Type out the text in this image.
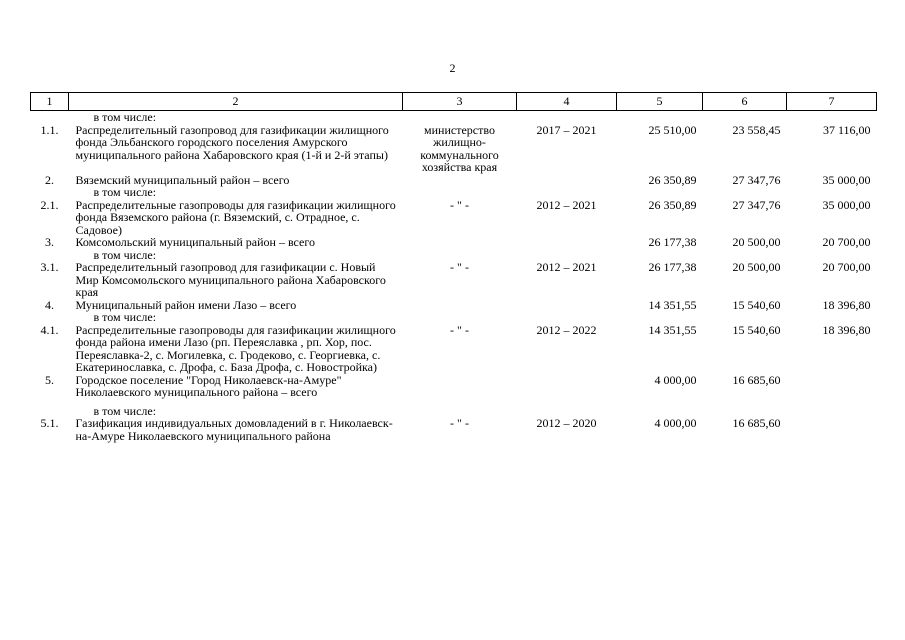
2
1	2	3	4	5	6	7
	в том числе:					
1.1.	Распределительный газопровод для газификации жилищного фонда Эльбанского городского поселения Амурского муниципального района Хабаровского края (1-й и 2-й этапы)	министерство жилищно-коммунального хозяйства края	2017 – 2021	25 510,00	23 558,45	37 116,00
2.	Вяземский муниципальный район – всего			26 350,89	27 347,76	35 000,00
	в том числе:					
2.1.	Распределительные газопроводы для газификации жилищного фонда Вяземского района (г. Вяземский, с. Отрадное, с. Садовое)	- " -	2012 – 2021	26 350,89	27 347,76	35 000,00
3.	Комсомольский муниципальный район – всего			26 177,38	20 500,00	20 700,00
	в том числе:					
3.1.	Распределительный газопровод для газификации с. Новый Мир Комсомольского муниципального района Хабаровского края	- " -	2012 – 2021	26 177,38	20 500,00	20 700,00
4.	Муниципальный район имени Лазо – всего			14 351,55	15 540,60	18 396,80
	в том числе:					
4.1.	Распределительные газопроводы для газификации жилищного фонда района имени Лазо (рп. Переяславка , рп. Хор, пос. Переяславка-2, с. Могилевка, с. Гродеково, с. Георгиевка, с. Екатеринославка, с. Дрофа, с. База Дрофа, с. Новостройка)	- " -	2012 – 2022	14 351,55	15 540,60	18 396,80
5.	Городское поселение "Город Николаевск-на-Амуре" Николаевского муниципального района – всего			4 000,00	16 685,60	

	в том числе:					
5.1.	Газификация индивидуальных домовладений в г. Николаевск-на-Амуре Николаевского муниципального района	- " -	2012 – 2020	4 000,00	16 685,60	
